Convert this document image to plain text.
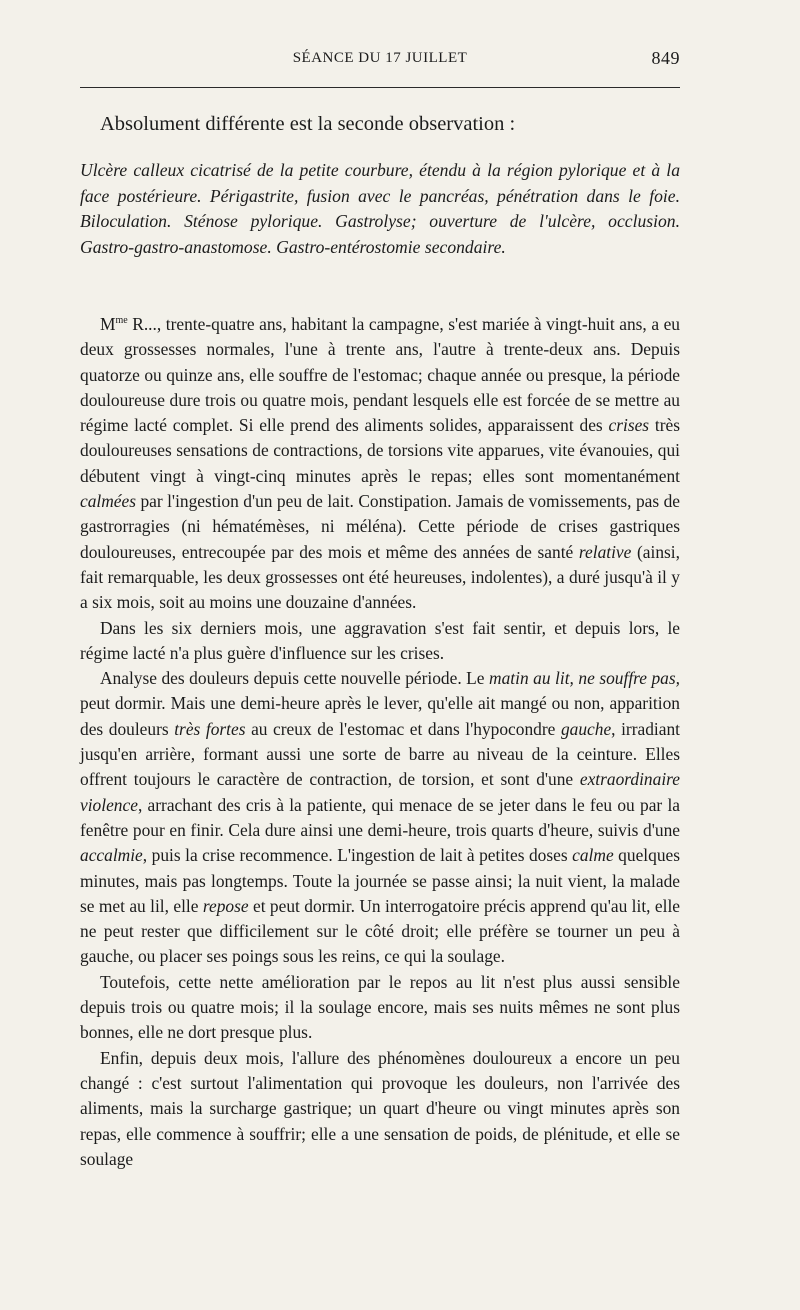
SÉANCE DU 17 JUILLET	849
Absolument différente est la seconde observation :

Ulcère calleux cicatrisé de la petite courbure, étendu à la région pylorique et à la face postérieure. Périgastrite, fusion avec le pancréas, pénétration dans le foie. Biloculation. Sténose pylorique. Gastrolyse; ouverture de l'ulcère, occlusion. Gastro-gastro-anastomose. Gastro-entérostomie secondaire.

$M^{me}$ R..., trente-quatre ans, habitant la campagne, s'est mariée à vingt-huit ans, a eu deux grossesses normales, l'une à trente ans, l'autre à trente-deux ans. Depuis quatorze ou quinze ans, elle souffre de l'estomac; chaque année ou presque, la période douloureuse dure trois ou quatre mois, pendant lesquels elle est forcée de se mettre au régime lacté complet. Si elle prend des aliments solides, apparaissent des crises très douloureuses sensations de contractions, de torsions vite apparues, vite évanouies, qui débutent vingt à vingt-cinq minutes après le repas; elles sont momentanément calmées par l'ingestion d'un peu de lait. Constipation. Jamais de vomissements, pas de gastrorragies (ni hématémèses, ni méléna). Cette période de crises gastriques douloureuses, entrecoupée par des mois et même des années de santé relative (ainsi, fait remarquable, les deux grossesses ont été heureuses, indolentes), a duré jusqu'à il y a six mois, soit au moins une douzaine d'années.

Dans les six derniers mois, une aggravation s'est fait sentir, et depuis lors, le régime lacté n'a plus guère d'influence sur les crises.

Analyse des douleurs depuis cette nouvelle période. Le matin au lit, ne souffre pas, peut dormir. Mais une demi-heure après le lever, qu'elle ait mangé ou non, apparition des douleurs très fortes au creux de l'estomac et dans l'hypocondre gauche, irradiant jusqu'en arrière, formant aussi une sorte de barre au niveau de la ceinture. Elles offrent toujours le caractère de contraction, de torsion, et sont d'une extraordinaire violence, arrachant des cris à la patiente, qui menace de se jeter dans le feu ou par la fenêtre pour en finir. Cela dure ainsi une demi-heure, trois quarts d'heure, suivis d'une accalmie, puis la crise recommence. L'ingestion de lait à petites doses calme quelques minutes, mais pas longtemps. Toute la journée se passe ainsi; la nuit vient, la malade se met au lil, elle repose et peut dormir. Un interrogatoire précis apprend qu'au lit, elle ne peut rester que difficilement sur le côté droit; elle préfère se tourner un peu à gauche, ou placer ses poings sous les reins, ce qui la soulage.

Toutefois, cette nette amélioration par le repos au lit n'est plus aussi sensible depuis trois ou quatre mois; il la soulage encore, mais ses nuits mêmes ne sont plus bonnes, elle ne dort presque plus.

Enfin, depuis deux mois, l'allure des phénomènes douloureux a encore un peu changé : c'est surtout l'alimentation qui provoque les douleurs, non l'arrivée des aliments, mais la surcharge gastrique; un quart d'heure ou vingt minutes après son repas, elle commence à souffrir; elle a une sensation de poids, de plénitude, et elle se soulage
